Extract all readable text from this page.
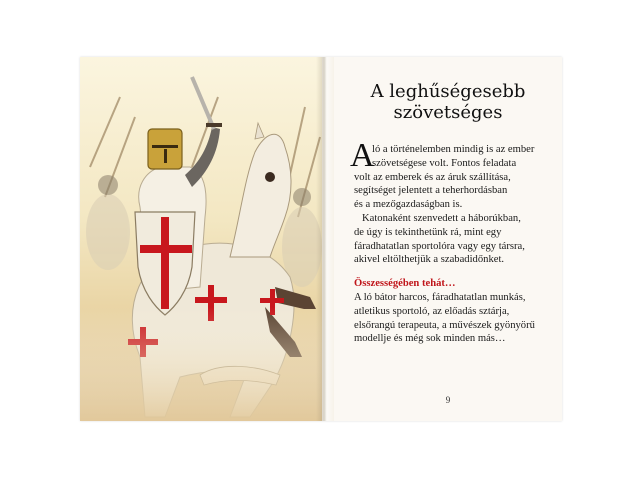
A leghűségesebb
szövetséges
A
ló a történelemben mindig is az ember
szövetségese volt. Fontos feladata
volt az emberek és az áruk szállítása,
segítséget jelentett a teherhordásban
és a mezőgazdaságban is.
Katonaként szenvedett a háborúkban,
de úgy is tekinthetünk rá, mint egy
fáradhatatlan sportolóra vagy egy társra,
akivel eltölthetjük a szabadidőnket.
Összességében tehát…
A ló bátor harcos, fáradhatatlan munkás,
atletikus sportoló, az előadás sztárja,
elsőrangú terapeuta, a művészek gyönyörű
modellje és még sok minden más…
9
